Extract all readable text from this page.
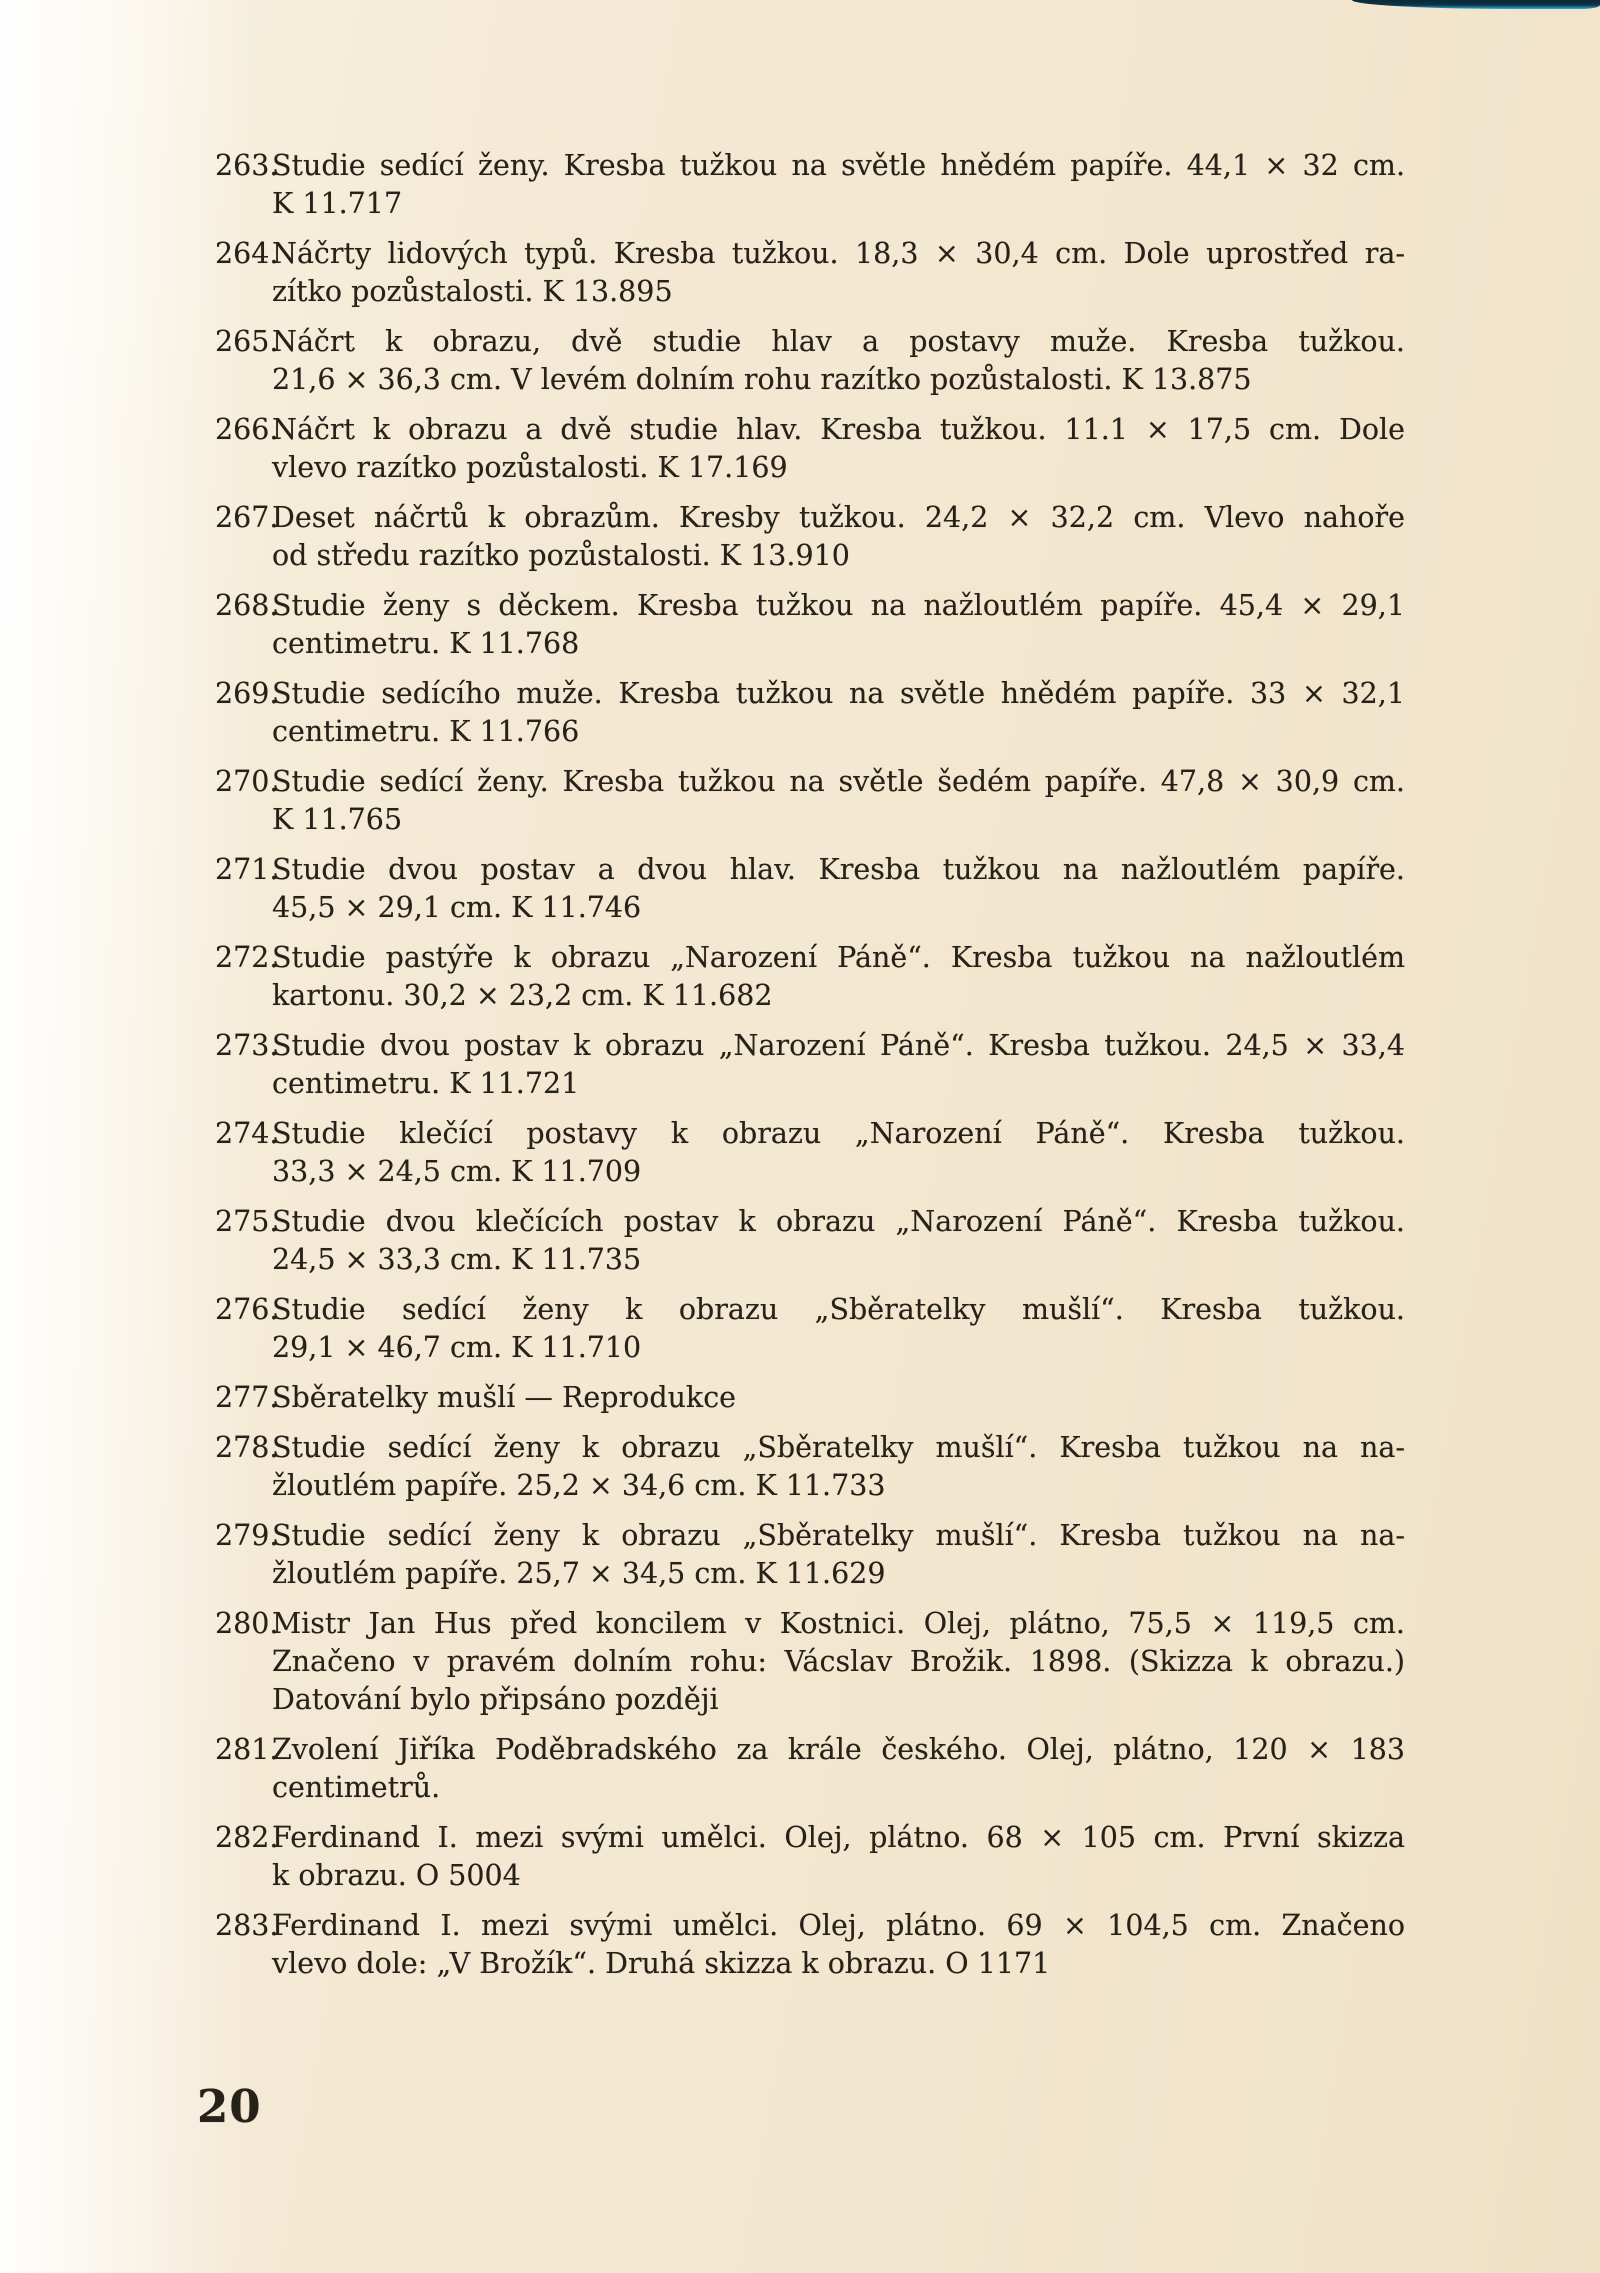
263.
Studie sedící ženy. Kresba tužkou na světle hnědém papíře. 44,1 × 32 cm.
K 11.717
264.
Náčrty lidových typů. Kresba tužkou. 18,3 × 30,4 cm. Dole uprostřed ra-
zítko pozůstalosti. K 13.895
265.
Náčrt k obrazu, dvě studie hlav a postavy muže. Kresba tužkou.
21,6 × 36,3 cm. V levém dolním rohu razítko pozůstalosti. K 13.875
266.
Náčrt k obrazu a dvě studie hlav. Kresba tužkou. 11.1 × 17,5 cm. Dole
vlevo razítko pozůstalosti. K 17.169
267.
Deset náčrtů k obrazům. Kresby tužkou. 24,2 × 32,2 cm. Vlevo nahoře
od středu razítko pozůstalosti. K 13.910
268.
Studie ženy s děckem. Kresba tužkou na nažloutlém papíře. 45,4 × 29,1
centimetru. K 11.768
269.
Studie sedícího muže. Kresba tužkou na světle hnědém papíře. 33 × 32,1
centimetru. K 11.766
270.
Studie sedící ženy. Kresba tužkou na světle šedém papíře. 47,8 × 30,9 cm.
K 11.765
271.
Studie dvou postav a dvou hlav. Kresba tužkou na nažloutlém papíře.
45,5 × 29,1 cm. K 11.746
272.
Studie pastýře k obrazu „Narození Páně“. Kresba tužkou na nažloutlém
kartonu. 30,2 × 23,2 cm. K 11.682
273.
Studie dvou postav k obrazu „Narození Páně“. Kresba tužkou. 24,5 × 33,4
centimetru. K 11.721
274.
Studie klečící postavy k obrazu „Narození Páně“. Kresba tužkou.
33,3 × 24,5 cm. K 11.709
275.
Studie dvou klečících postav k obrazu „Narození Páně“. Kresba tužkou.
24,5 × 33,3 cm. K 11.735
276.
Studie sedící ženy k obrazu „Sběratelky mušlí“. Kresba tužkou.
29,1 × 46,7 cm. K 11.710
277.
Sběratelky mušlí — Reprodukce
278.
Studie sedící ženy k obrazu „Sběratelky mušlí“. Kresba tužkou na na-
žloutlém papíře. 25,2 × 34,6 cm. K 11.733
279.
Studie sedící ženy k obrazu „Sběratelky mušlí“. Kresba tužkou na na-
žloutlém papíře. 25,7 × 34,5 cm. K 11.629
280.
Mistr Jan Hus před koncilem v Kostnici. Olej, plátno, 75,5 × 119,5 cm.
Značeno v pravém dolním rohu: Vácslav Brožik. 1898. (Skizza k obrazu.)
Datování bylo připsáno později
281.
Zvolení Jiříka Poděbradského za krále českého. Olej, plátno, 120 × 183
centimetrů.
282.
Ferdinand I. mezi svými umělci. Olej, plátno. 68 × 105 cm. První skizza
k obrazu. O 5004
283.
Ferdinand I. mezi svými umělci. Olej, plátno. 69 × 104,5 cm. Značeno
vlevo dole: „V Brožík“. Druhá skizza k obrazu. O 1171
20
